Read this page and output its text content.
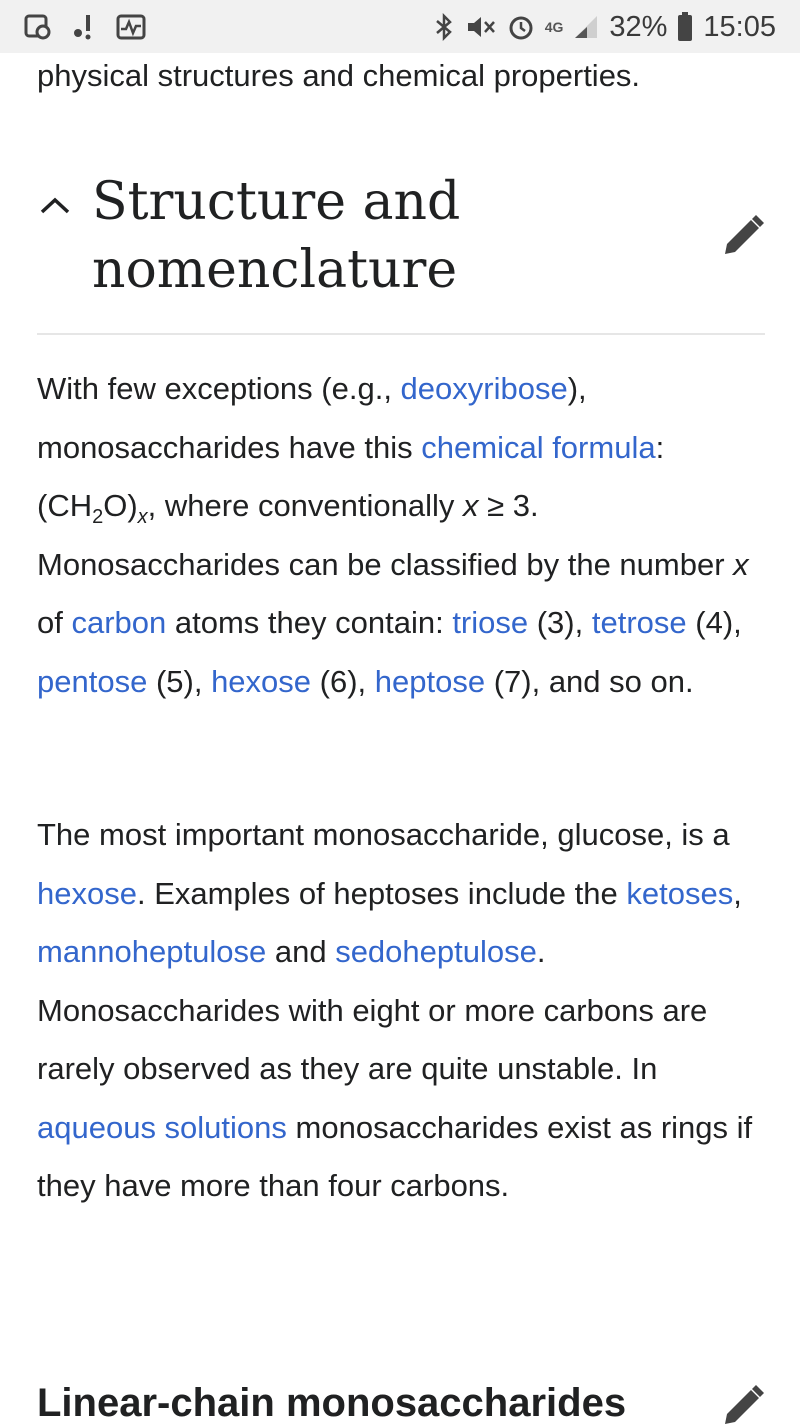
4G 32% 15:05
physical structures and chemical properties.
Structure and nomenclature
With few exceptions (e.g., deoxyribose), monosaccharides have this chemical formula: $(CH_2O)_x$, where conventionally x ≥ 3. Monosaccharides can be classified by the number x of carbon atoms they contain: triose (3), tetrose (4), pentose (5), hexose (6), heptose (7), and so on.
The most important monosaccharide, glucose, is a hexose. Examples of heptoses include the ketoses, mannoheptulose and sedoheptulose. Monosaccharides with eight or more carbons are rarely observed as they are quite unstable. In aqueous solutions monosaccharides exist as rings if they have more than four carbons.
Linear-chain monosaccharides
